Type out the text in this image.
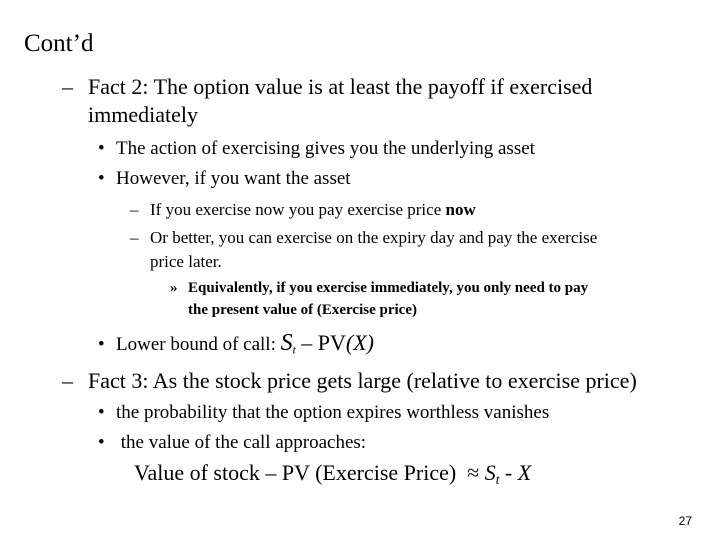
Cont’d
– Fact 2: The option value is at least the payoff if exercised
immediately
• The action of exercising gives you the underlying asset
• However, if you want the asset
– If you exercise now you pay exercise price now
– Or better, you can exercise on the expiry day and pay the exercise
price later.
» Equivalently, if you exercise immediately, you only need to pay
the present value of (Exercise price)
• Lower bound of call: $S_t - PV(X)$
– Fact 3: As the stock price gets large (relative to exercise price)
• the probability that the option expires worthless vanishes
• the value of the call approaches:
Value of stock – PV (Exercise Price)  ≈ $S_t$ - X
27
